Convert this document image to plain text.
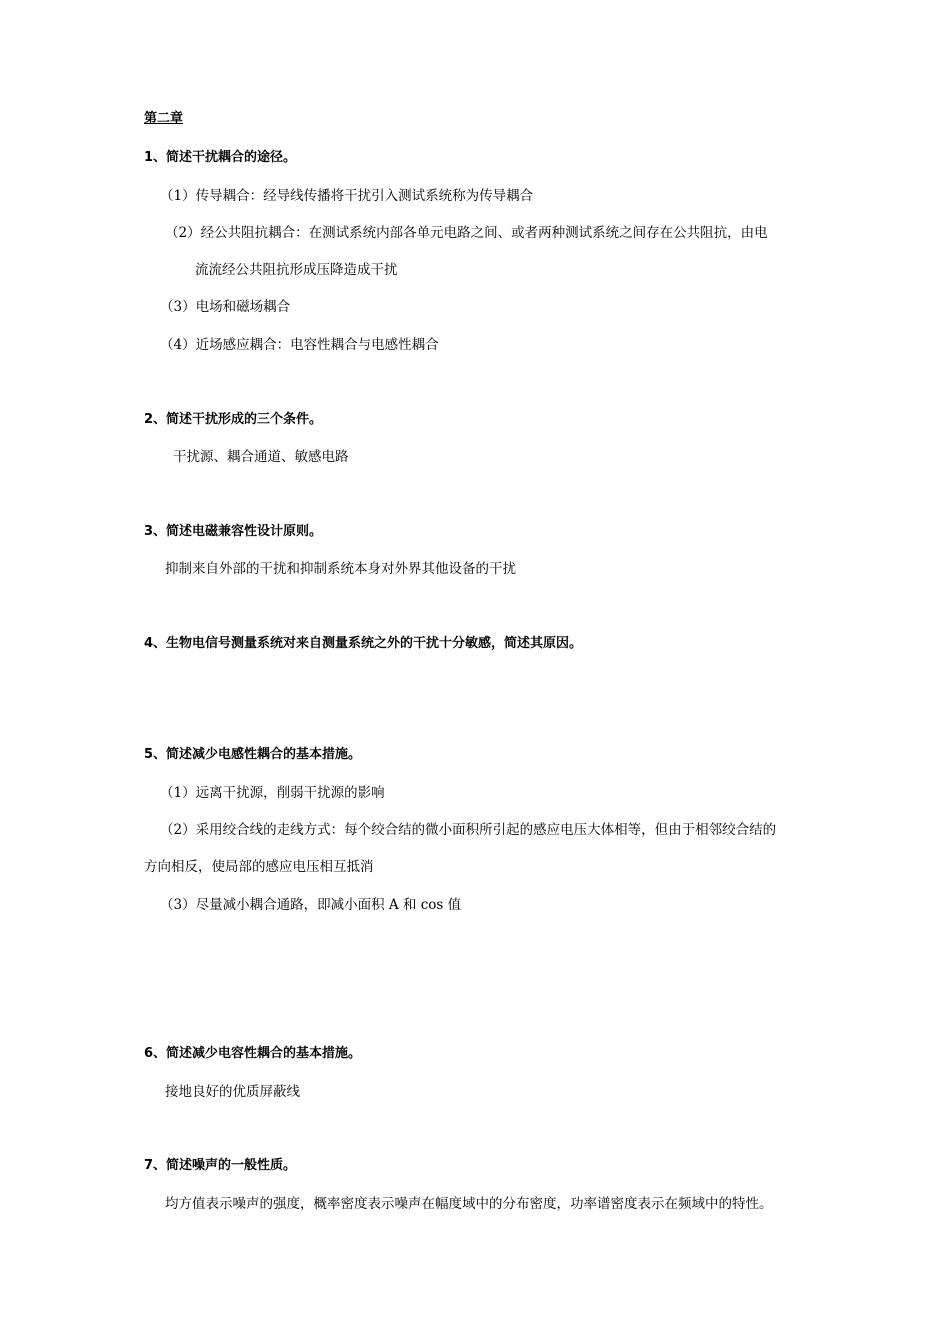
第二章
1、简述干扰耦合的途径。
（1）传导耦合：经导线传播将干扰引入测试系统称为传导耦合
（2）经公共阻抗耦合：在测试系统内部各单元电路之间、或者两种测试系统之间存在公共阻抗，由电
流流经公共阻抗形成压降造成干扰
（3）电场和磁场耦合
（4）近场感应耦合：电容性耦合与电感性耦合
2、简述干扰形成的三个条件。
干扰源、耦合通道、敏感电路
3、简述电磁兼容性设计原则。
抑制来自外部的干扰和抑制系统本身对外界其他设备的干扰
4、生物电信号测量系统对来自测量系统之外的干扰十分敏感，简述其原因。
5、简述减少电感性耦合的基本措施。
（1）远离干扰源，削弱干扰源的影响
（2）采用绞合线的走线方式：每个绞合结的微小面积所引起的感应电压大体相等，但由于相邻绞合结的
方向相反，使局部的感应电压相互抵消
（3）尽量减小耦合通路，即减小面积 A 和 cos 值
6、简述减少电容性耦合的基本措施。
接地良好的优质屏蔽线
7、简述噪声的一般性质。
均方值表示噪声的强度，概率密度表示噪声在幅度域中的分布密度，功率谱密度表示在频域中的特性。
